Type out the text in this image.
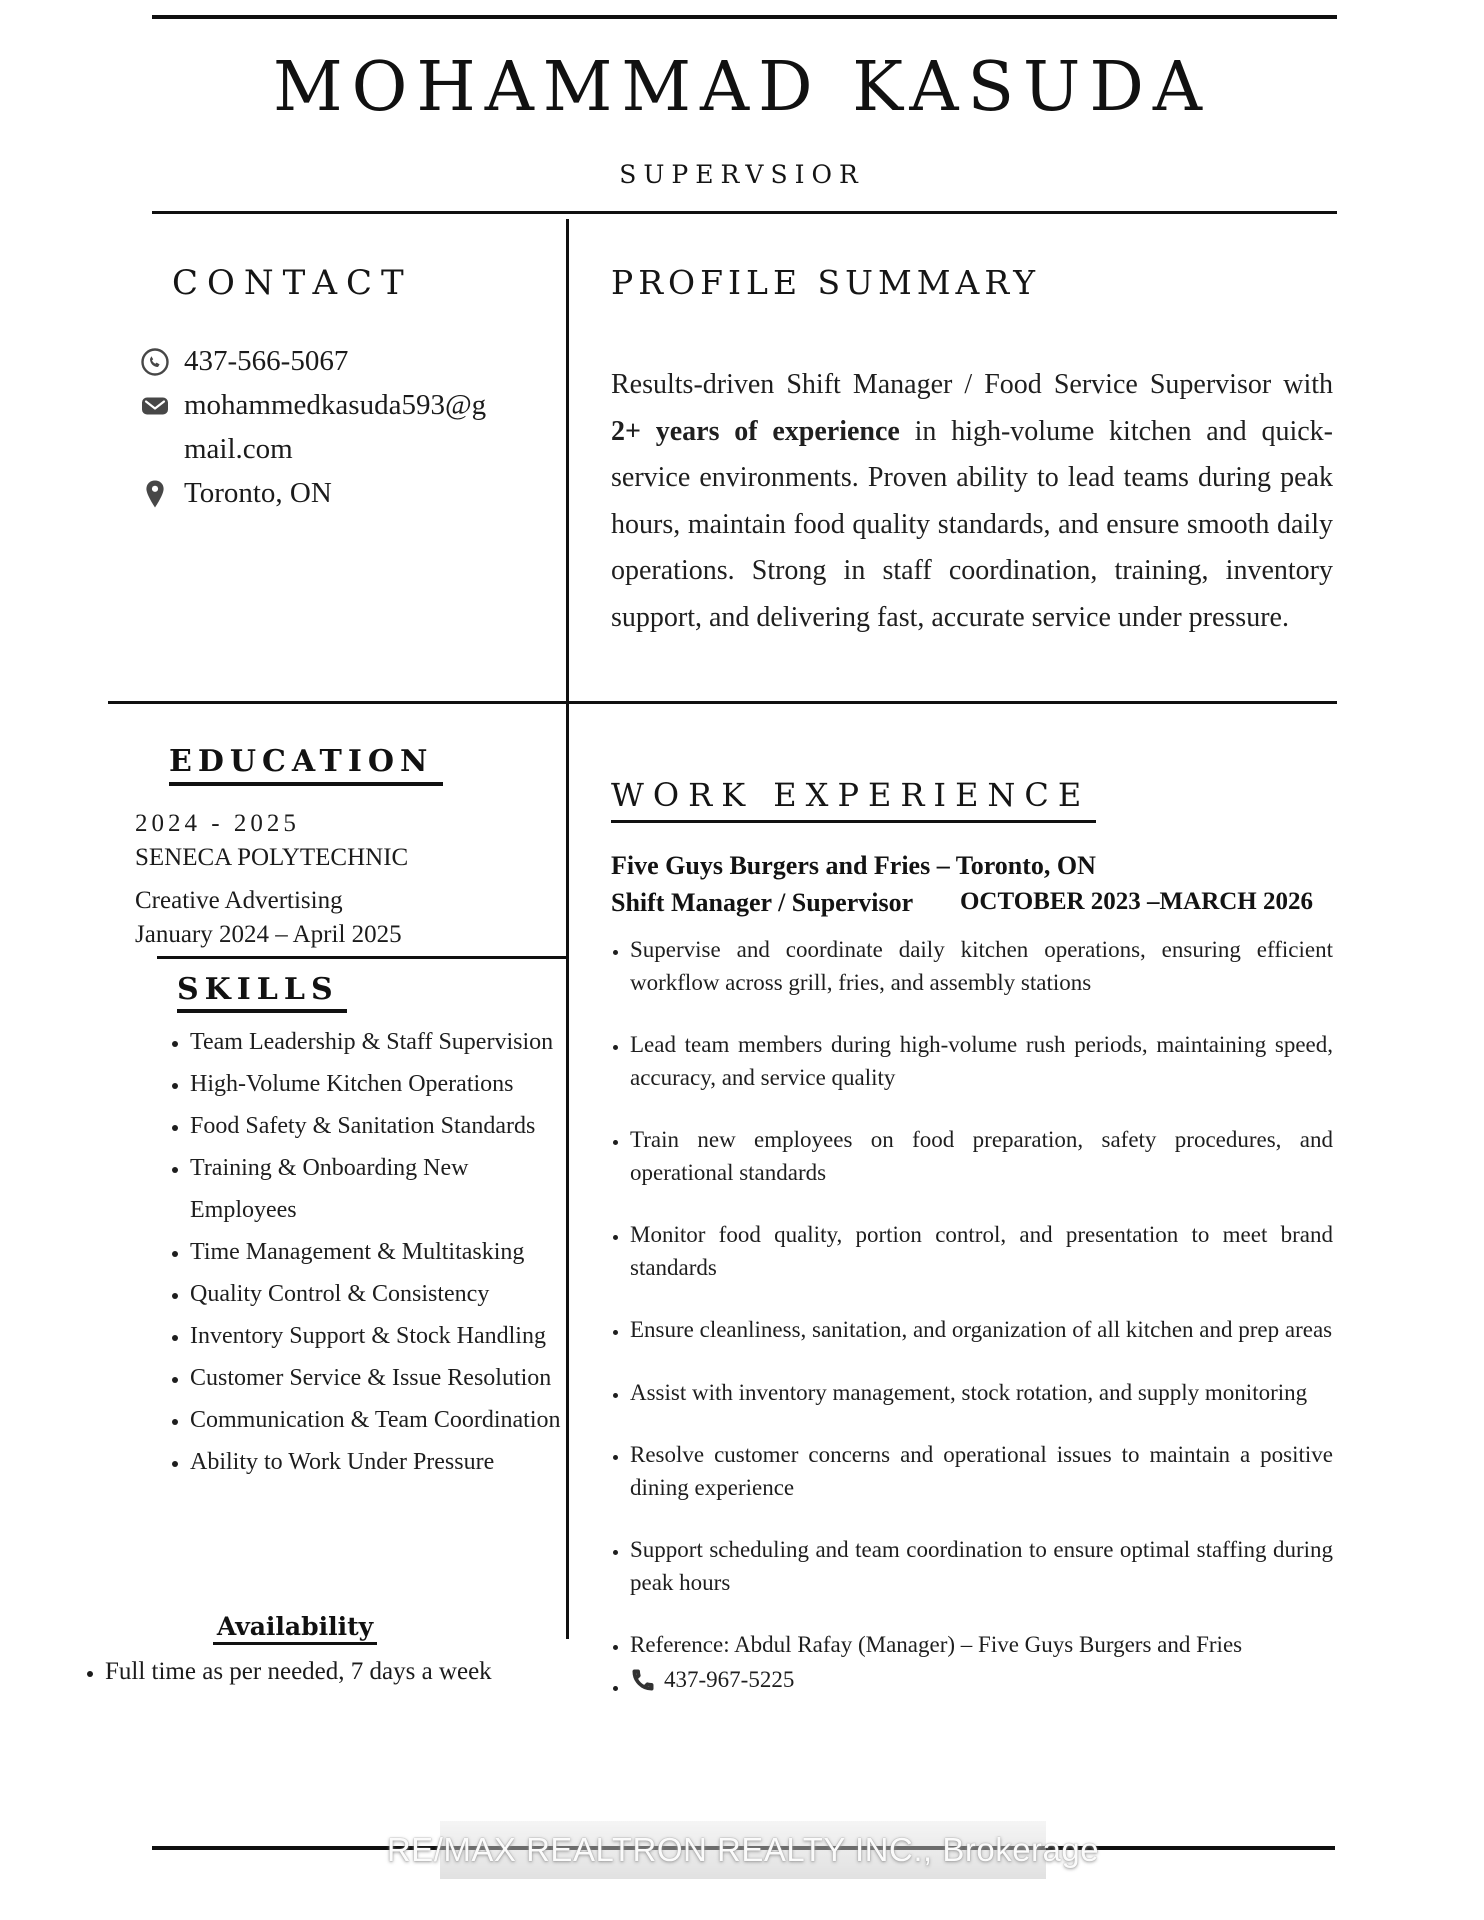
MOHAMMAD KASUDA
SUPERVSIOR
CONTACT
437-566-5067
mohammedkasuda593@gmail.com
Toronto, ON
PROFILE SUMMARY

Results-driven Shift Manager / Food Service Supervisor with 2+ years of experience in high-volume kitchen and quick-service environments. Proven ability to lead teams during peak hours, maintain food quality standards, and ensure smooth daily operations. Strong in staff coordination, training, inventory support, and delivering fast, accurate service under pressure.

EDUCATION
2024 - 2025
SENECA POLYTECHNIC
Creative Advertising
January 2024 – April 2025
SKILLS
• Team Leadership & Staff Supervision
• High-Volume Kitchen Operations
• Food Safety & Sanitation Standards
• Training & Onboarding New Employees
• Time Management & Multitasking
• Quality Control & Consistency
• Inventory Support & Stock Handling
• Customer Service & Issue Resolution
• Communication & Team Coordination
• Ability to Work Under Pressure
Availability
• Full time as per needed, 7 days a week
WORK EXPERIENCE
Five Guys Burgers and Fries – Toronto, ON
Shift Manager / Supervisor OCTOBER 2023 –MARCH 2026
• Supervise and coordinate daily kitchen operations, ensuring efficient workflow across grill, fries, and assembly stations
• Lead team members during high-volume rush periods, maintaining speed, accuracy, and service quality
• Train new employees on food preparation, safety procedures, and operational standards
• Monitor food quality, portion control, and presentation to meet brand standards
• Ensure cleanliness, sanitation, and organization of all kitchen and prep areas
• Assist with inventory management, stock rotation, and supply monitoring
• Resolve customer concerns and operational issues to maintain a positive dining experience
• Support scheduling and team coordination to ensure optimal staffing during peak hours
• Reference: Abdul Rafay (Manager) – Five Guys Burgers and Fries
• 437-967-5225
RE/MAX REALTRON REALTY INC., Brokerage
